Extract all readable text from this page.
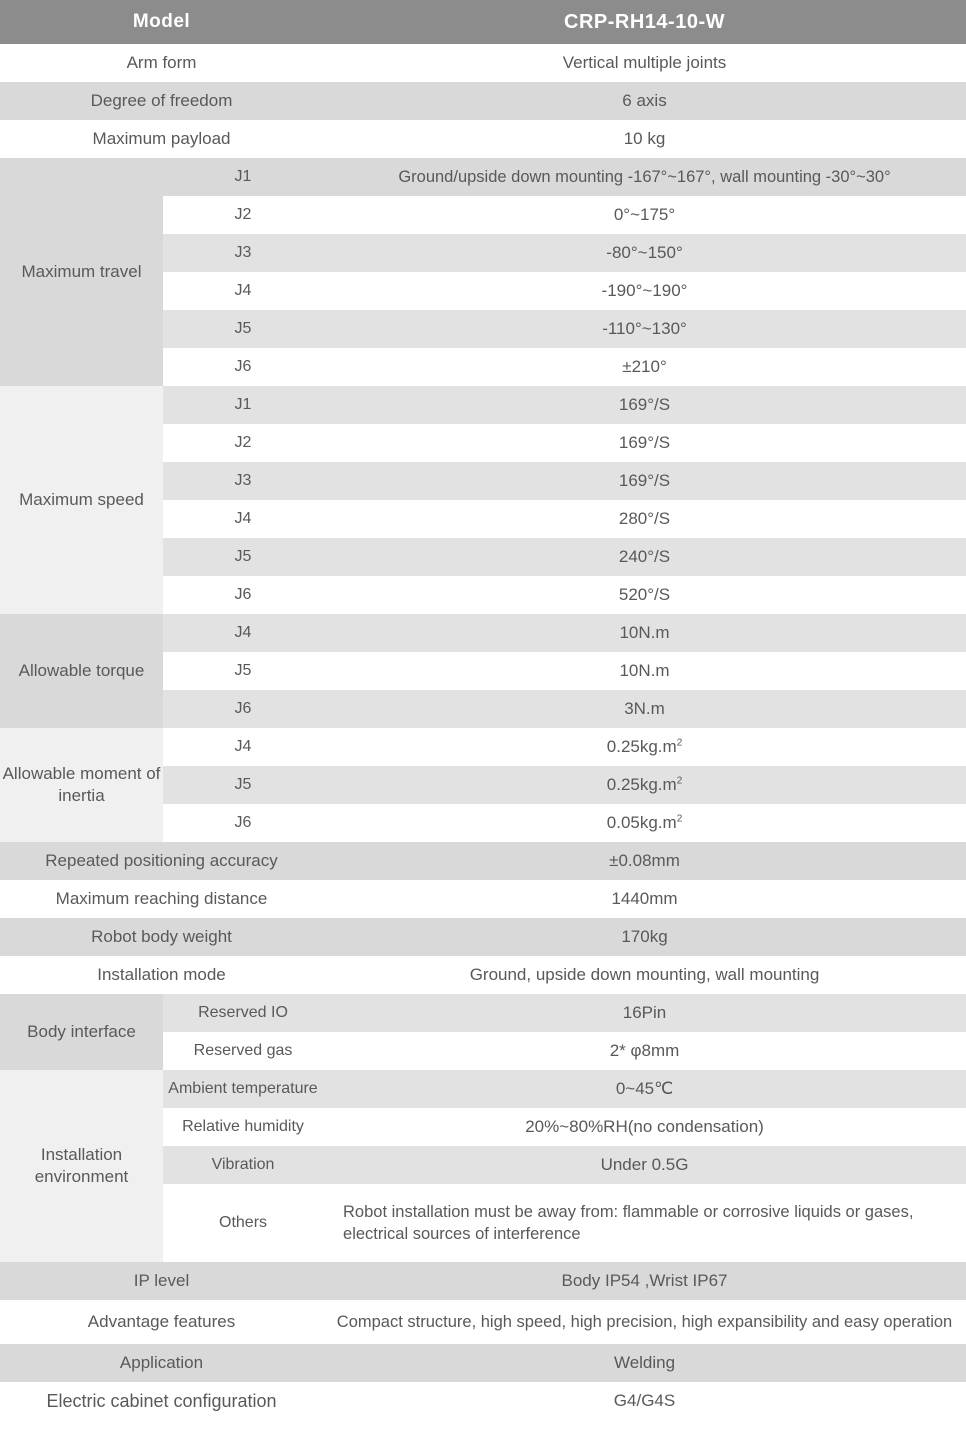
Model		CRP-RH14-10-W
Arm form		Vertical multiple joints
Degree of freedom		6 axis
Maximum payload		10 kg
Maximum travel	J1	Ground/upside down mounting -167°~167°, wall mounting -30°~30°
	J2	0°~175°
	J3	-80°~150°
	J4	-190°~190°
	J5	-110°~130°
	J6	±210°
Maximum speed	J1	169°/S
	J2	169°/S
	J3	169°/S
	J4	280°/S
	J5	240°/S
	J6	520°/S
Allowable torque	J4	10N.m
	J5	10N.m
	J6	3N.m
Allowable moment of inertia	J4	$0.25kg.m^2$
	J5	$0.25kg.m^2$
	J6	$0.05kg.m^2$
Repeated positioning accuracy		±0.08mm
Maximum reaching distance		1440mm
Robot body weight		170kg
Installation mode		Ground, upside down mounting, wall mounting
Body interface	Reserved IO	16Pin
	Reserved gas	2* φ8mm
Installation environment	Ambient temperature	0~45℃
	Relative humidity	20%~80%RH(no condensation)
	Vibration	Under 0.5G
	Others	Robot installation must be away from: flammable or corrosive liquids or gases, electrical sources of interference
IP level		Body IP54 ,Wrist IP67
Advantage features		Compact structure, high speed, high precision, high expansibility and easy operation
Application		Welding
Electric cabinet configuration		G4/G4S
